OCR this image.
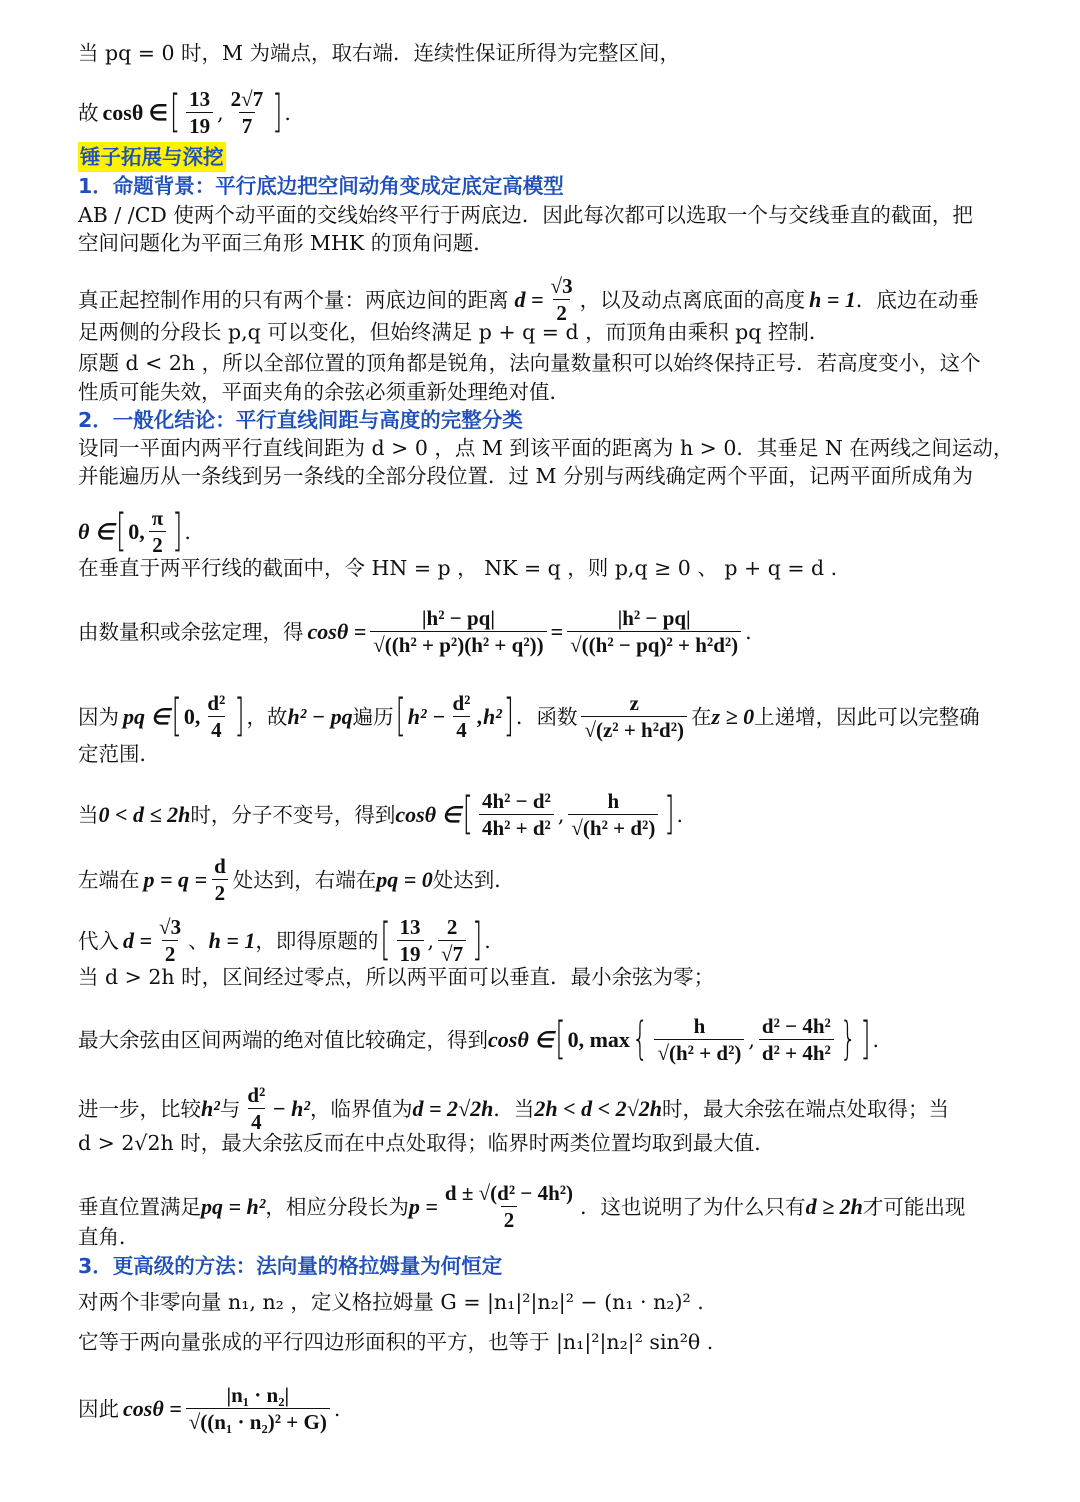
当 pq = 0 时，M 为端点，取右端．连续性保证所得为完整区间，
故 cosθ ∈ [ $\frac{13}{19}$ , $\frac{2√7}{7}$ ] .
锤子拓展与深挖
1．命题背景：平行底边把空间动角变成定底定高模型
AB / /CD 使两个动平面的交线始终平行于两底边．因此每次都可以选取一个与交线垂直的截面，把
空间问题化为平面三角形 MHK 的顶角问题．
真正起控制作用的只有两个量：两底边间的距离 $d = \frac{√3}{2}$ ，以及动点离底面的高度 h = 1 ．底边在动垂
足两侧的分段长 p,q 可以变化，但始终满足 p + q = d ，而顶角由乘积 pq 控制．
原题 d < 2h ，所以全部位置的顶角都是锐角，法向量数量积可以始终保持正号．若高度变小，这个
性质可能失效，平面夹角的余弦必须重新处理绝对值．
2．一般化结论：平行直线间距与高度的完整分类
设同一平面内两平行直线间距为 d > 0 ，点 M 到该平面的距离为 h > 0．其垂足 N 在两线之间运动，
并能遍历从一条线到另一条线的全部分段位置．过 M 分别与两线确定两个平面，记两平面所成角为
θ ∈ [ 0, $\frac{\pi}{2}$ ] .
在垂直于两平行线的截面中，令 HN = p ， NK = q ，则 p,q ≥ 0 、 p + q = d .
由数量积或余弦定理，得 $\cos\theta = \frac{\text{|h² − pq|}}{\text{√((h² + p²)(h² + q²))}} = \frac{\text{|h² − pq|}}{\text{√((h² − pq)² + h²d²)}}$ .
因为 pq ∈ [ 0, $\frac{\text{d²}}{4}$ ] ，故 h² − pq 遍历 [ $h^2 - \frac{\text{d²}}{4} ,h^2$ ] ．函数 $\frac{z}{\text{√(z² + h²d²)}}$ 在 z ≥ 0 上递增，因此可以完整确
定范围．
当 0 < d ≤ 2h 时，分子不变号，得到 cosθ ∈ [ $\frac{\text{4h² − d²}}{\text{4h² + d²}}$ , $\frac{h}{\text{√(h² + d²)}}$ ] .
左端在 $p = q = \frac{d}{2}$ 处达到，右端在 pq = 0 处达到．
代入 $d = \frac{√3}{2}$ 、 h = 1 ，即得原题的 [ $\frac{13}{19}$ , $\frac{2}{√7}$ ] .
当 d > 2h 时，区间经过零点，所以两平面可以垂直．最小余弦为零；
最大余弦由区间两端的绝对值比较确定，得到 cosθ ∈ [ 0, max { $\frac{h}{\text{√(h² + d²)}}$ , $\frac{\text{d² − 4h²}}{\text{d² + 4h²}}$ } ] .
进一步，比较 h² 与 $\frac{\text{d²}}{4} - h^2$ ，临界值为 d = 2√2h ．当 2h < d < 2√2h 时，最大余弦在端点处取得；当
d > 2√2h 时，最大余弦反而在中点处取得；临界时两类位置均取到最大值．
垂直位置满足 pq = h² ，相应分段长为 $p = \frac{\text{d ± √(d² − 4h²)}}{2}$ ．这也说明了为什么只有 d ≥ 2h 才可能出现
直角．
3．更高级的方法：法向量的格拉姆量为何恒定
对两个非零向量 n₁, n₂ ，定义格拉姆量 G = |n₁|²|n₂|² − (n₁ · n₂)² .
它等于两向量张成的平行四边形面积的平方，也等于 |n₁|²|n₂|² sin²θ .
因此 $\cos\theta = \frac{\text{|n₁ · n₂|}}{\text{√((n₁ · n₂)² + G)}}$ .
